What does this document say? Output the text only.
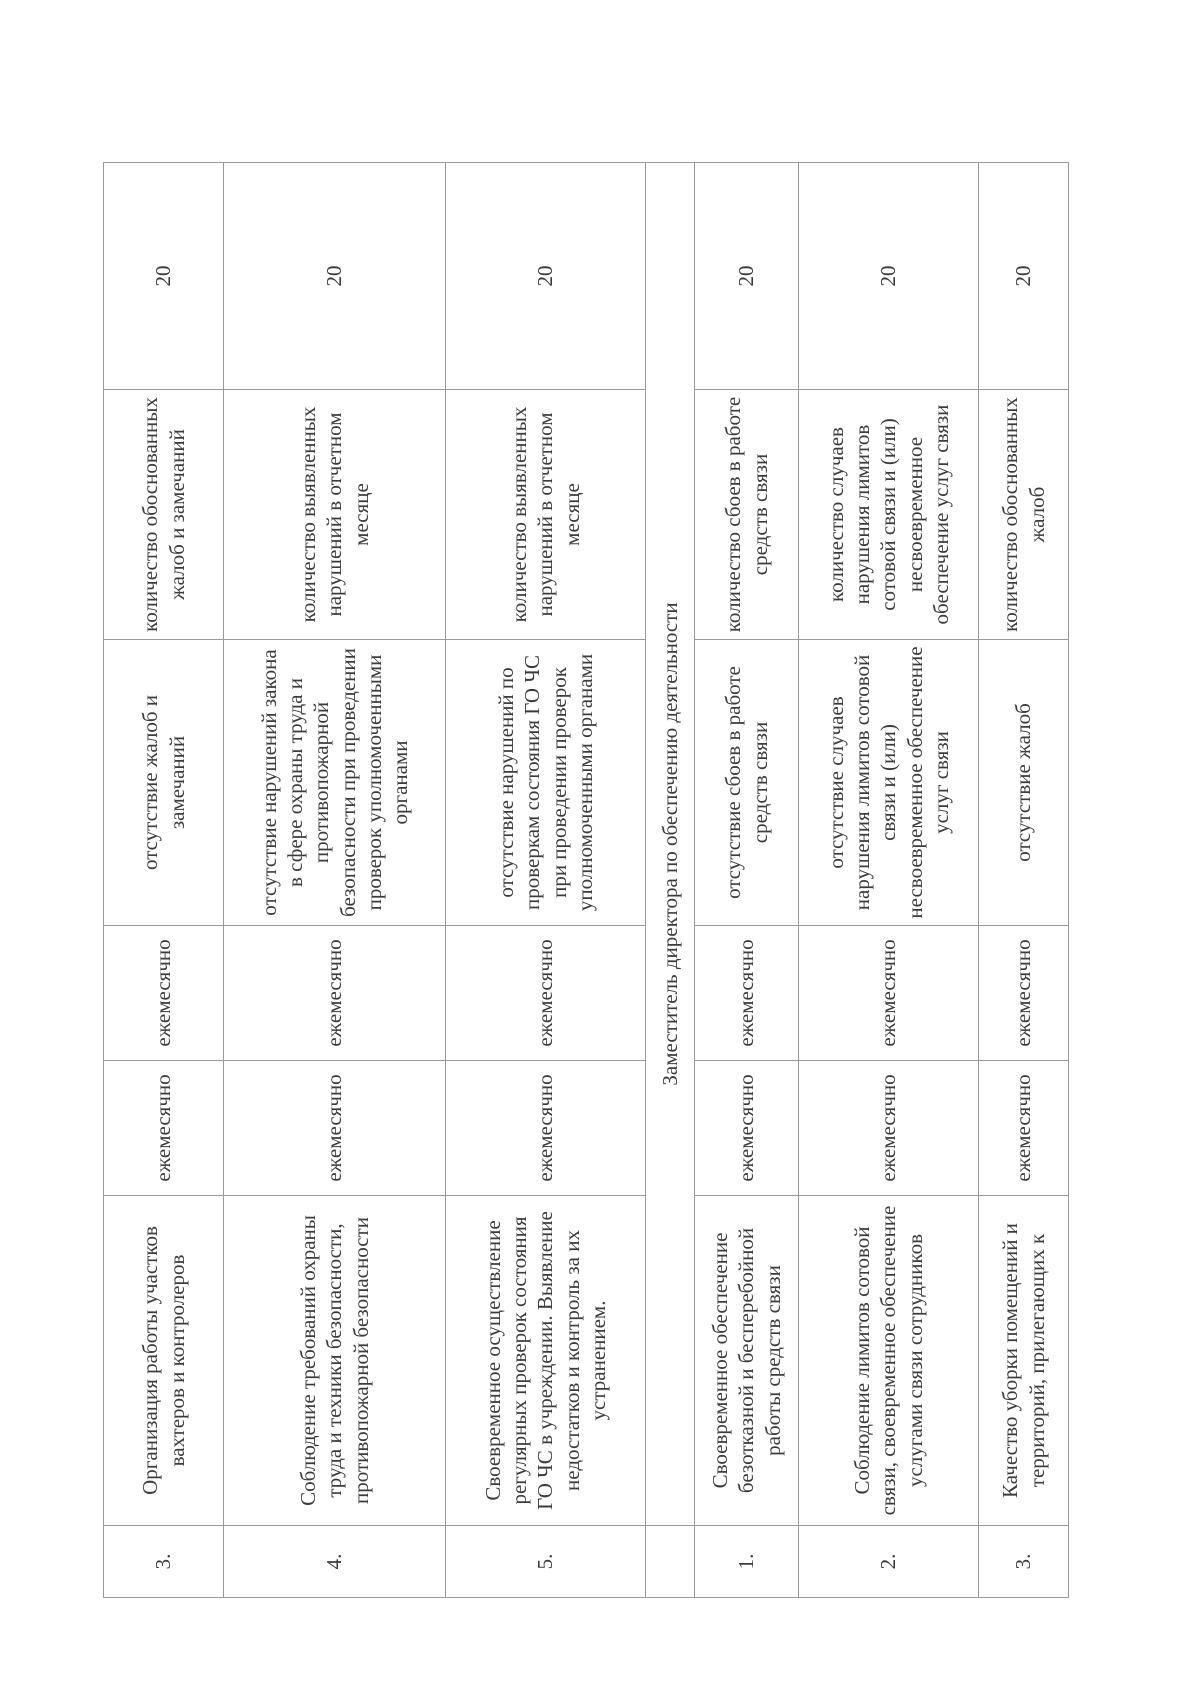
3.	Организация работы участков вахтеров и контролеров	ежемесячно	ежемесячно	отсутствие жалоб и замечаний	количество обоснованных жалоб и замечаний	20
4.	Соблюдение требований охраны труда и техники безопасности, противопожарной безопасности	ежемесячно	ежемесячно	отсутствие нарушений закона в сфере охраны труда и противопожарной безопасности при проведении проверок уполномоченными органами	количество выявленных нарушений в отчетном месяце	20
5.	Своевременное осуществление регулярных проверок состояния ГО ЧС в учреждении. Выявление недостатков и контроль за их устранением.	ежемесячно	ежемесячно	отсутствие нарушений по проверкам состояния ГО ЧС при проведении проверок уполномоченными органами	количество выявленных нарушений в отчетном месяце	20
	Заместитель директора по обеспечению деятельности					
1.	Своевременное обеспечение безотказной и бесперебойной работы средств связи	ежемесячно	ежемесячно	отсутствие сбоев в работе средств связи	количество сбоев в работе средств связи	20
2.	Соблюдение лимитов сотовой связи, своевременное обеспечение услугами связи сотрудников	ежемесячно	ежемесячно	отсутствие случаев нарушения лимитов сотовой связи и (или) несвоевременное обеспечение услуг связи	количество случаев нарушения лимитов сотовой связи и (или) несвоевременное обеспечение услуг связи	20
3.	Качество уборки помещений и территорий, прилегающих к	ежемесячно	ежемесячно	отсутствие жалоб	количество обоснованных жалоб	20
